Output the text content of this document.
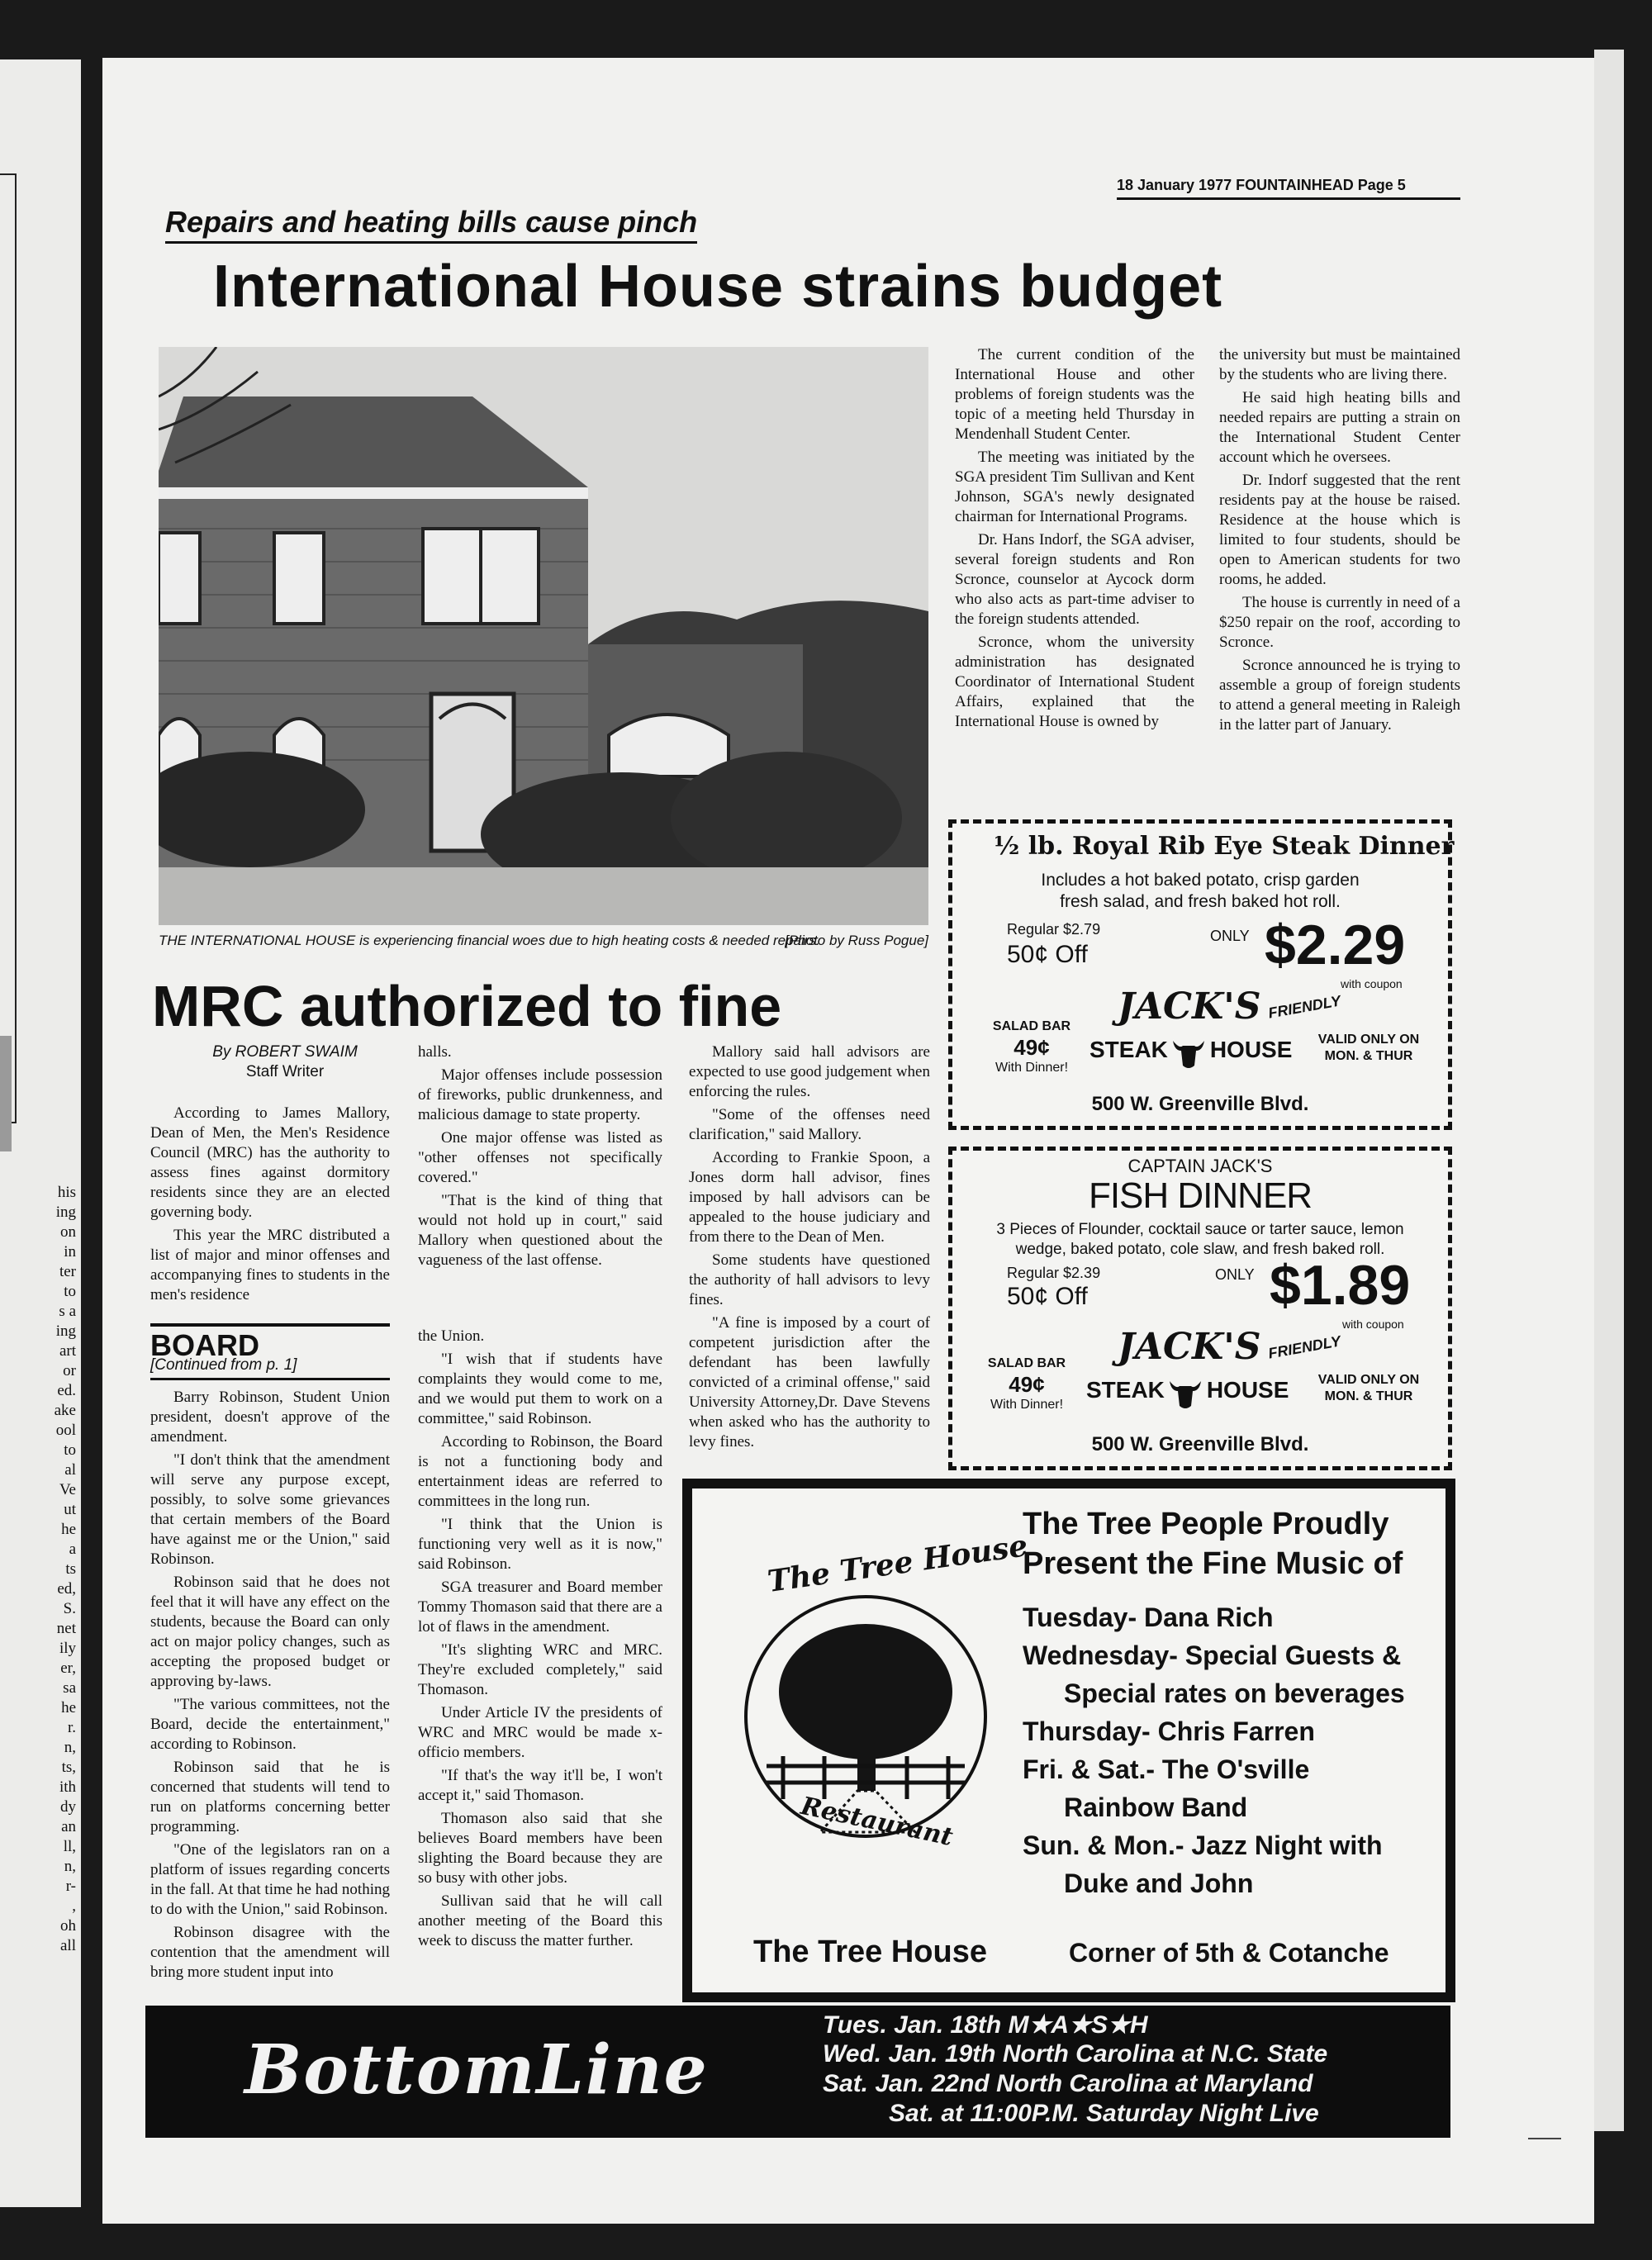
his
ing
on
in
ter
to
s a
ing
art
or
ed.
ake
ool
to
al
Ve
ut
he
a
ts
ed,
S.
net
ily
er,
sa
he
r.
n,
ts,
ith
dy
an
ll,
n,
r-
,
oh
all
18 January 1977 FOUNTAINHEAD Page 5
Repairs and heating bills cause pinch
International House strains budget
THE INTERNATIONAL HOUSE is experiencing financial woes due to high heating costs & needed repairs.
[Photo by Russ Pogue]

The current condition of the International House and other problems of foreign students was the topic of a meeting held Thursday in Mendenhall Student Center.

The meeting was initiated by the SGA president Tim Sullivan and Kent Johnson, SGA's newly designated chairman for International Programs.

Dr. Hans Indorf, the SGA adviser, several foreign students and Ron Scronce, counselor at Aycock dorm who also acts as part-time adviser to the foreign students attended.

Scronce, whom the university administration has designated Coordinator of International Student Affairs, explained that the International House is owned by

the university but must be maintained by the students who are living there.

He said high heating bills and needed repairs are putting a strain on the International Student Center account which he oversees.

Dr. Indorf suggested that the rent residents pay at the house be raised. Residence at the house which is limited to four students, should be open to American students for two rooms, he added.

The house is currently in need of a $250 repair on the roof, according to Scronce.

Scronce announced he is trying to assemble a group of foreign students to attend a general meeting in Raleigh in the latter part of January.

MRC authorized to fine
By ROBERT SWAIM
Staff Writer

According to James Mallory, Dean of Men, the Men's Residence Council (MRC) has the authority to assess fines against dormitory residents since they are an elected governing body.

This year the MRC distributed a list of major and minor offenses and accompanying fines to students in the men's residence

halls.

Major offenses include possession of fireworks, public drunkenness, and malicious damage to state property.

One major offense was listed as "other offenses not specifically covered."

"That is the kind of thing that would not hold up in court," said Mallory when questioned about the vagueness of the last offense.

Mallory said hall advisors are expected to use good judgement when enforcing the rules.

"Some of the offenses need clarification," said Mallory.

According to Frankie Spoon, a Jones dorm hall advisor, fines imposed by hall advisors can be appealed to the house judiciary and from there to the Dean of Men.

Some students have questioned the authority of hall advisors to levy fines.

"A fine is imposed by a court of competent jurisdiction after the defendant has been lawfully convicted of a criminal offense," said University Attorney,Dr. Dave Stevens when asked who has the authority to levy fines.

BOARD
[Continued from p. 1]

Barry Robinson, Student Union president, doesn't approve of the amendment.

"I don't think that the amendment will serve any purpose except, possibly, to solve some grievances that certain members of the Board have against me or the Union," said Robinson.

Robinson said that he does not feel that it will have any effect on the students, because the Board can only act on major policy changes, such as accepting the proposed budget or approving by-laws.

"The various committees, not the Board, decide the entertainment," according to Robinson.

Robinson said that he is concerned that students will tend to run on platforms concerning better programming.

"One of the legislators ran on a platform of issues regarding concerts in the fall. At that time he had nothing to do with the Union," said Robinson.

Robinson disagree with the contention that the amendment will bring more student input into

the Union.

"I wish that if students have complaints they would come to me, and we would put them to work on a committee," said Robinson.

According to Robinson, the Board is not a functioning body and entertainment ideas are referred to committees in the long run.

"I think that the Union is functioning very well as it is now," said Robinson.

SGA treasurer and Board member Tommy Thomason said that there are a lot of flaws in the amendment.

"It's slighting WRC and MRC. They're excluded completely," said Thomason.

Under Article IV the presidents of WRC and MRC would be made x-officio members.

"If that's the way it'll be, I won't accept it," said Thomason.

Thomason also said that she believes Board members have been slighting the Board because they are so busy with other jobs.

Sullivan said that he will call another meeting of the Board this week to discuss the matter further.

½ lb. Royal Rib Eye Steak Dinner
Includes a hot baked potato, crisp garden
fresh salad, and fresh baked hot roll.
Regular $2.79
50¢ Off
ONLY $2.29
with coupon
SALAD BAR
49¢
With Dinner!
JACK'S FRIENDLY
STEAK HOUSE	VALID ONLY ON
MON. & THUR
500 W. Greenville Blvd.
CAPTAIN JACK'S
FISH DINNER
3 Pieces of Flounder, cocktail sauce or tarter sauce, lemon
wedge, baked potato, cole slaw, and fresh baked roll.
Regular $2.39
50¢ Off
ONLY $1.89
with coupon
SALAD BAR
49¢
With Dinner!
JACK'S FRIENDLY
STEAK HOUSE	VALID ONLY ON
MON. & THUR
500 W. Greenville Blvd.
The Tree House
Restaurant
The Tree People Proudly
Present the Fine Music of
Tuesday- Dana Rich
Wednesday- Special Guests &
Special rates on beverages
Thursday- Chris Farren
Fri. & Sat.- The O'sville
Rainbow Band
Sun. & Mon.- Jazz Night with
Duke and John
The Tree House	Corner of 5th & Cotanche
BottomLine
Tues. Jan. 18th M★A★S★H
Wed. Jan. 19th North Carolina at N.C. State
Sat. Jan. 22nd North Carolina at Maryland
Sat. at 11:00P.M. Saturday Night Live
